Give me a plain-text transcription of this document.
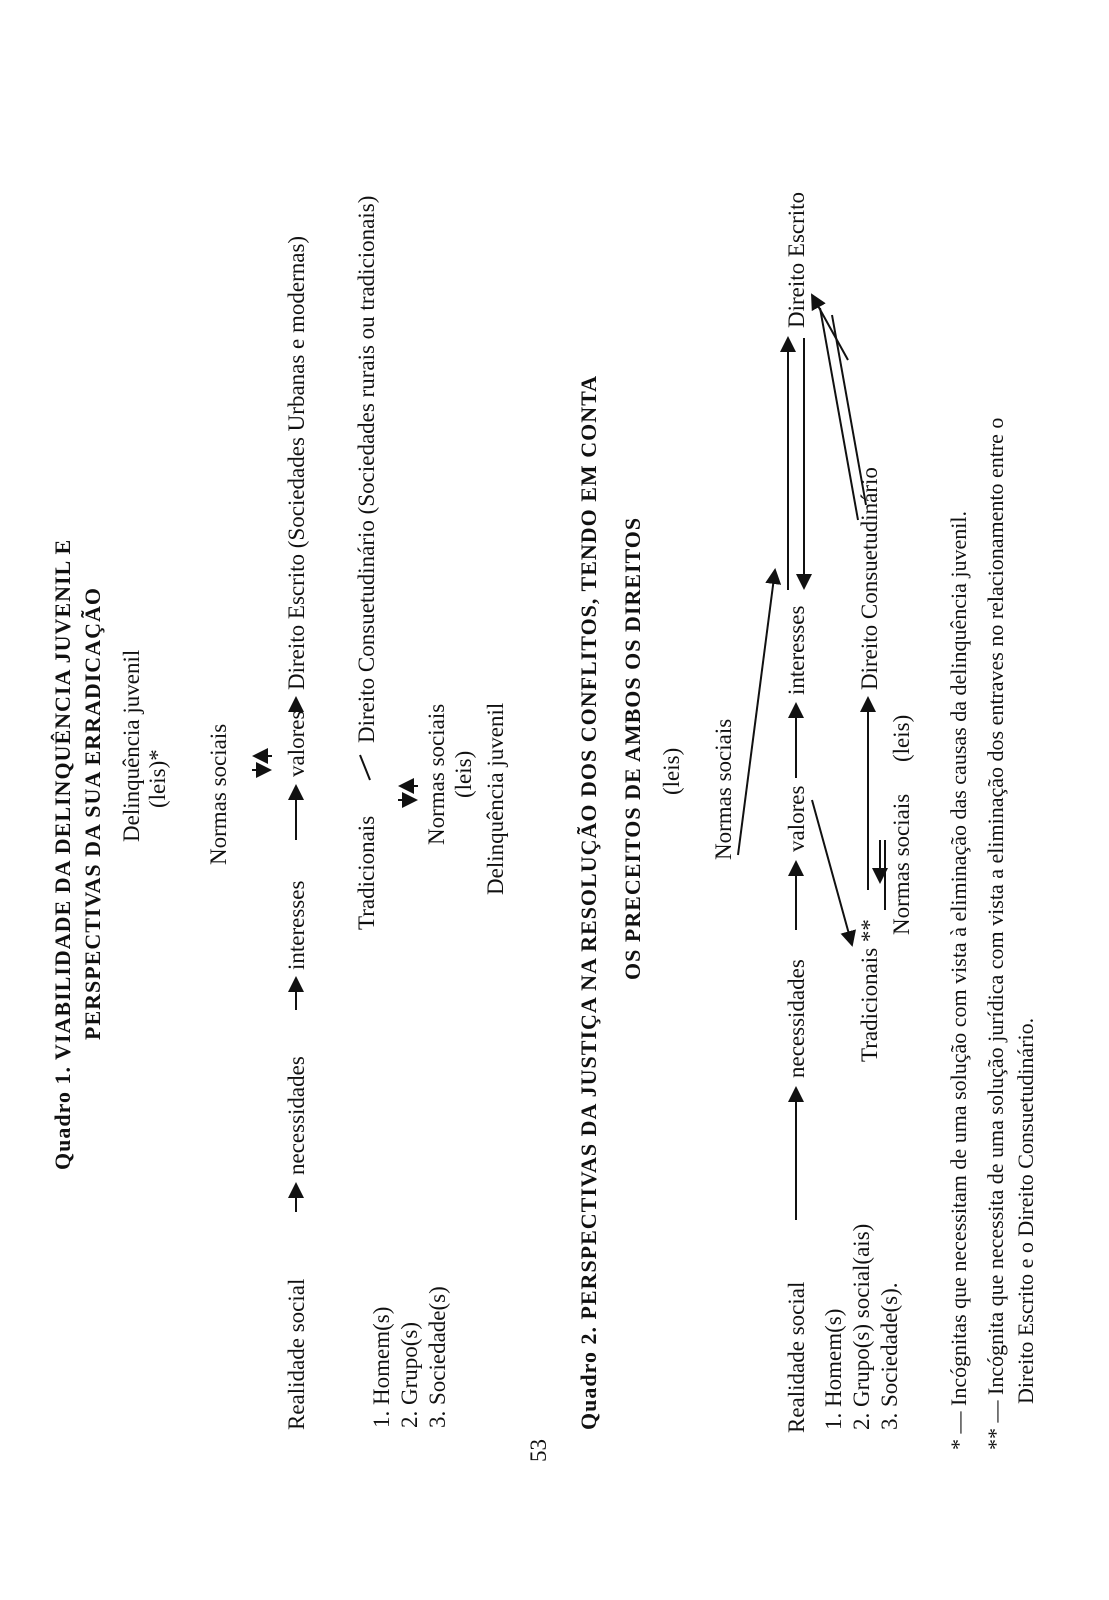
Quadro 1. VIABILIDADE DA DELINQUÊNCIA JUVENIL E PERSPECTIVAS DA SUA ERRADICAÇÃO Delinquência juvenil (leis)* Normas sociais
Realidade social
necessidades
interesses
valores
Direito Escrito (Sociedades Urbanas e modernas)
Tradicionais
Direito Consuetudinário (Sociedades rurais ou tradicionais)
Normas sociais (leis) Delinquência juvenil
1. Homem(s) 2. Grupo(s) 3. Sociedade(s)
53
Quadro 2. PERSPECTIVAS DA JUSTIÇA NA RESOLUÇÃO DOS CONFLITOS, TENDO EM CONTA OS PRECEITOS DE AMBOS OS DIREITOS (leis) Normas sociais
Realidade social
necessidades
valores
interesses
Direito Escrito
Tradicionais **
Direito Consuetudinário
Normas sociais
(leis)
1. Homem(s) 2. Grupo(s) social(ais) 3. Sociedade(s). * — Incógnitas que necessitam de uma solução com vista à eliminação das causas da delinquência juvenil. ** — Incógnita que necessita de uma solução jurídica com vista a eliminação dos entraves no relacionamento entre o Direito Escrito e o Direito Consuetudinário.
